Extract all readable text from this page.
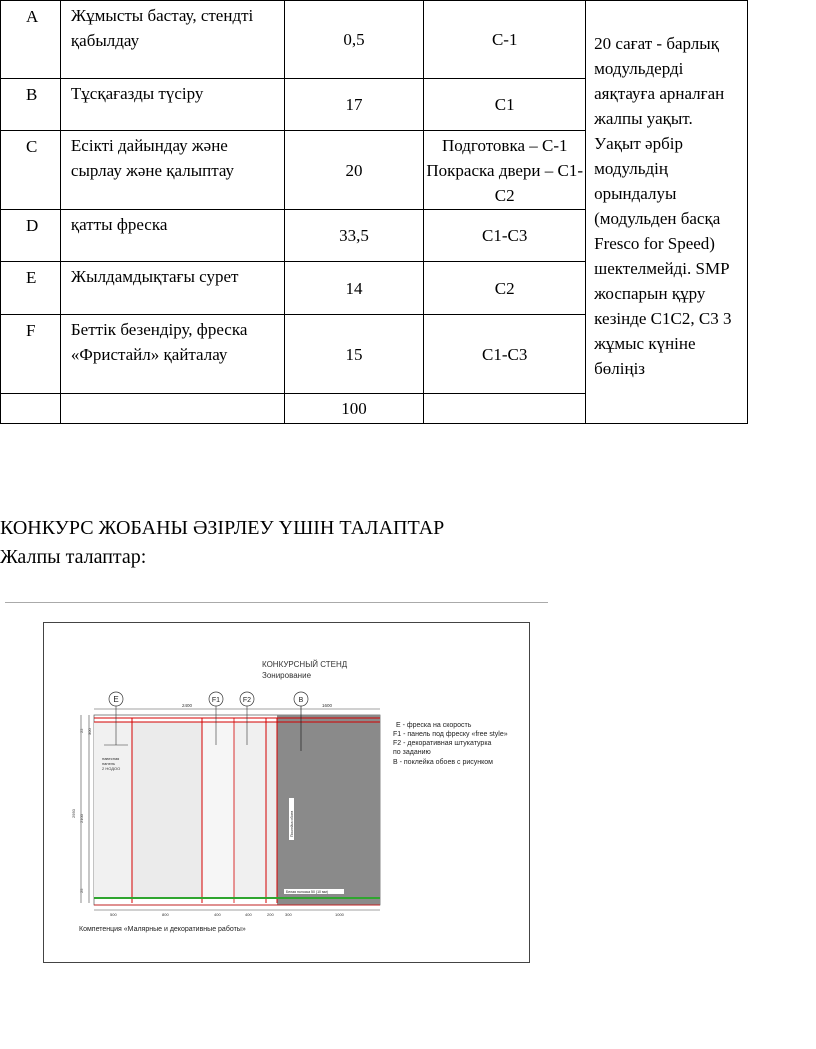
A	Жұмысты бастау, стендті қабылдау	0,5	С-1	20 сағат - барлық модульдерді аяқтауға арналған жалпы уақыт. Уақыт әрбір модульдің орындалуы (модульден басқа Fresco for Speed) шектелмейді. SMP жоспарын құру кезінде С1С2, С3 3 жұмыс күніне бөліңіз
B	Тұсқағазды түсіру	17	С1	
C	Есікті дайындау және сырлау және қалыптау	20	Подготовка – С-1 Покраска двери – С1-С2	
D	қатты фреска	33,5	С1-С3	
E	Жылдамдықтағы сурет	14	С2	
F	Беттік безендіру, фреска «Фристайл» қайталау	15	С1-С3	
		100		
КОНКУРС ЖОБАНЫ ӘЗІРЛЕУ ҮШІН ТАЛАПТАР
Жалпы талаптар:
КОНКУРСНЫЙ СТЕНД
Зонирование
2400	1600
22 300
2950
2100
25
E	F1	F2	B
навесная
панель
2 НОДОО
Поклейка обоев
Белая полоска 50 (10 мм)
500	800	400	400	200	300	1000
E - фреска на скорость
F1 - панель под фреску «free style»
F2 - декоративная штукатурка
по заданию
B - поклейка обоев с рисунком
Компетенция «Малярные и декоративные работы»
